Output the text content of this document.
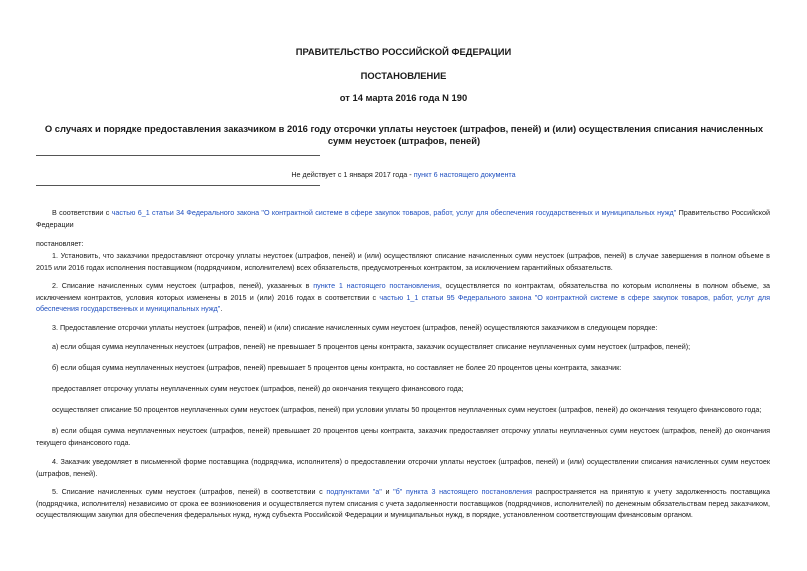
ПРАВИТЕЛЬСТВО РОССИЙСКОЙ ФЕДЕРАЦИИ
ПОСТАНОВЛЕНИЕ
от 14 марта 2016 года N 190
О случаях и порядке предоставления заказчиком в 2016 году отсрочки уплаты неустоек (штрафов, пеней) и (или) осуществления списания начисленных сумм неустоек (штрафов, пеней)
Не действует с 1 января 2017 года - пункт 6 настоящего документа
В соответствии с частью 6_1 статьи 34 Федерального закона "О контрактной системе в сфере закупок товаров, работ, услуг для обеспечения государственных и муниципальных нужд" Правительство Российской Федерации
постановляет:
1. Установить, что заказчики предоставляют отсрочку уплаты неустоек (штрафов, пеней) и (или) осуществляют списание начисленных сумм неустоек (штрафов, пеней) в случае завершения в полном объеме в 2015 или 2016 годах исполнения поставщиком (подрядчиком, исполнителем) всех обязательств, предусмотренных контрактом, за исключением гарантийных обязательств.
2. Списание начисленных сумм неустоек (штрафов, пеней), указанных в пункте 1 настоящего постановления, осуществляется по контрактам, обязательства по которым исполнены в полном объеме, за исключением контрактов, условия которых изменены в 2015 и (или) 2016 годах в соответствии с частью 1_1 статьи 95 Федерального закона "О контрактной системе в сфере закупок товаров, работ, услуг для обеспечения государственных и муниципальных нужд".
3. Предоставление отсрочки уплаты неустоек (штрафов, пеней) и (или) списание начисленных сумм неустоек (штрафов, пеней) осуществляются заказчиком в следующем порядке:
а) если общая сумма неуплаченных неустоек (штрафов, пеней) не превышает 5 процентов цены контракта, заказчик осуществляет списание неуплаченных сумм неустоек (штрафов, пеней);
б) если общая сумма неуплаченных неустоек (штрафов, пеней) превышает 5 процентов цены контракта, но составляет не более 20 процентов цены контракта, заказчик:
предоставляет отсрочку уплаты неуплаченных сумм неустоек (штрафов, пеней) до окончания текущего финансового года;
осуществляет списание 50 процентов неуплаченных сумм неустоек (штрафов, пеней) при условии уплаты 50 процентов неуплаченных сумм неустоек (штрафов, пеней) до окончания текущего финансового года;
в) если общая сумма неуплаченных неустоек (штрафов, пеней) превышает 20 процентов цены контракта, заказчик предоставляет отсрочку уплаты неуплаченных сумм неустоек (штрафов, пеней) до окончания текущего финансового года.
4. Заказчик уведомляет в письменной форме поставщика (подрядчика, исполнителя) о предоставлении отсрочки уплаты неустоек (штрафов, пеней) и (или) осуществлении списания начисленных сумм неустоек (штрафов, пеней).
5. Списание начисленных сумм неустоек (штрафов, пеней) в соответствии с подпунктами "а" и "б" пункта 3 настоящего постановления распространяется на принятую к учету задолженность поставщика (подрядчика, исполнителя) независимо от срока ее возникновения и осуществляется путем списания с учета задолженности поставщиков (подрядчиков, исполнителей) по денежным обязательствам перед заказчиком, осуществляющим закупки для обеспечения федеральных нужд, нужд субъекта Российской Федерации и муниципальных нужд, в порядке, установленном соответствующим финансовым органом.
